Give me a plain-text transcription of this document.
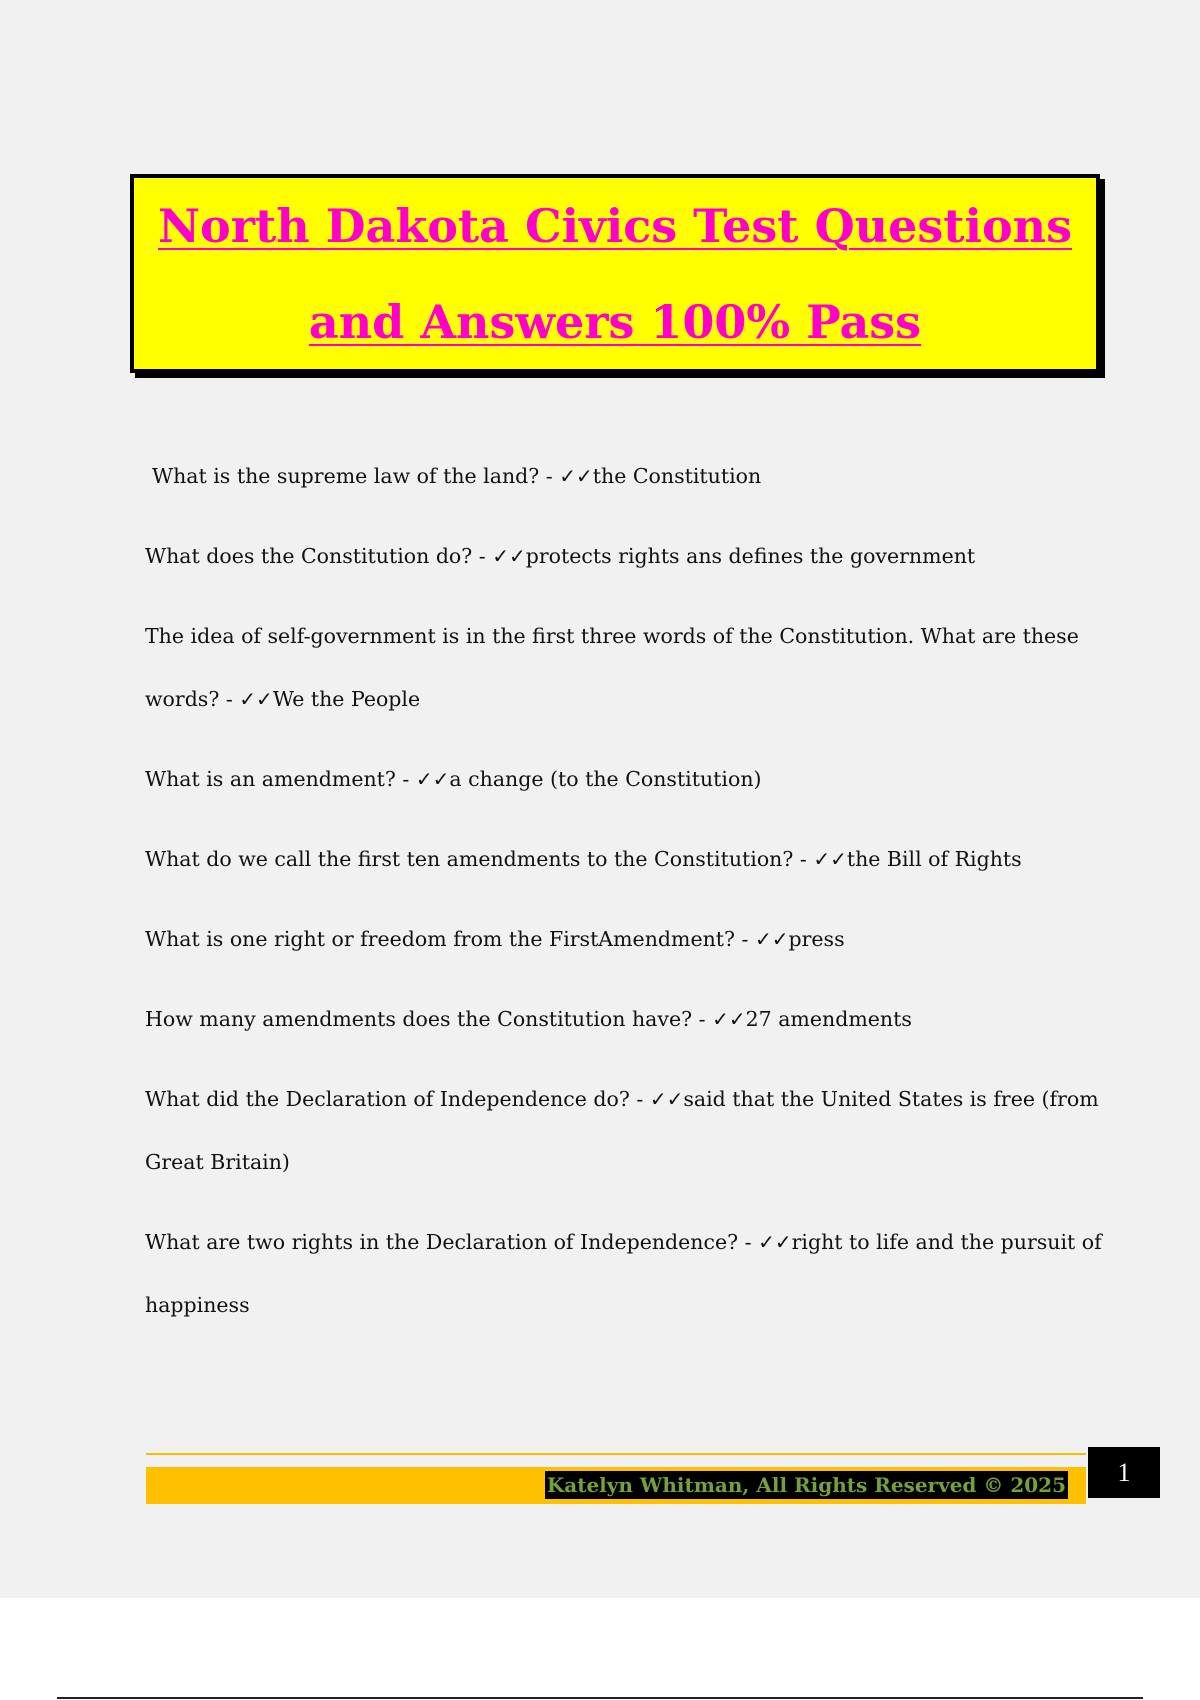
North Dakota Civics Test Questions
and Answers 100% Pass
What is the supreme law of the land? - ✓✓the Constitution
What does the Constitution do? - ✓✓protects rights ans defines the government
The idea of self-government is in the first three words of the Constitution. What are these words? - ✓✓We the People
What is an amendment? - ✓✓a change (to the Constitution)
What do we call the first ten amendments to the Constitution? - ✓✓the Bill of Rights
What is one right or freedom from the FirstAmendment? - ✓✓press
How many amendments does the Constitution have? - ✓✓27 amendments
What did the Declaration of Independence do? - ✓✓said that the United States is free (from Great Britain)
What are two rights in the Declaration of Independence? - ✓✓right to life and the pursuit of happiness
Katelyn Whitman, All Rights Reserved © 2025	1
